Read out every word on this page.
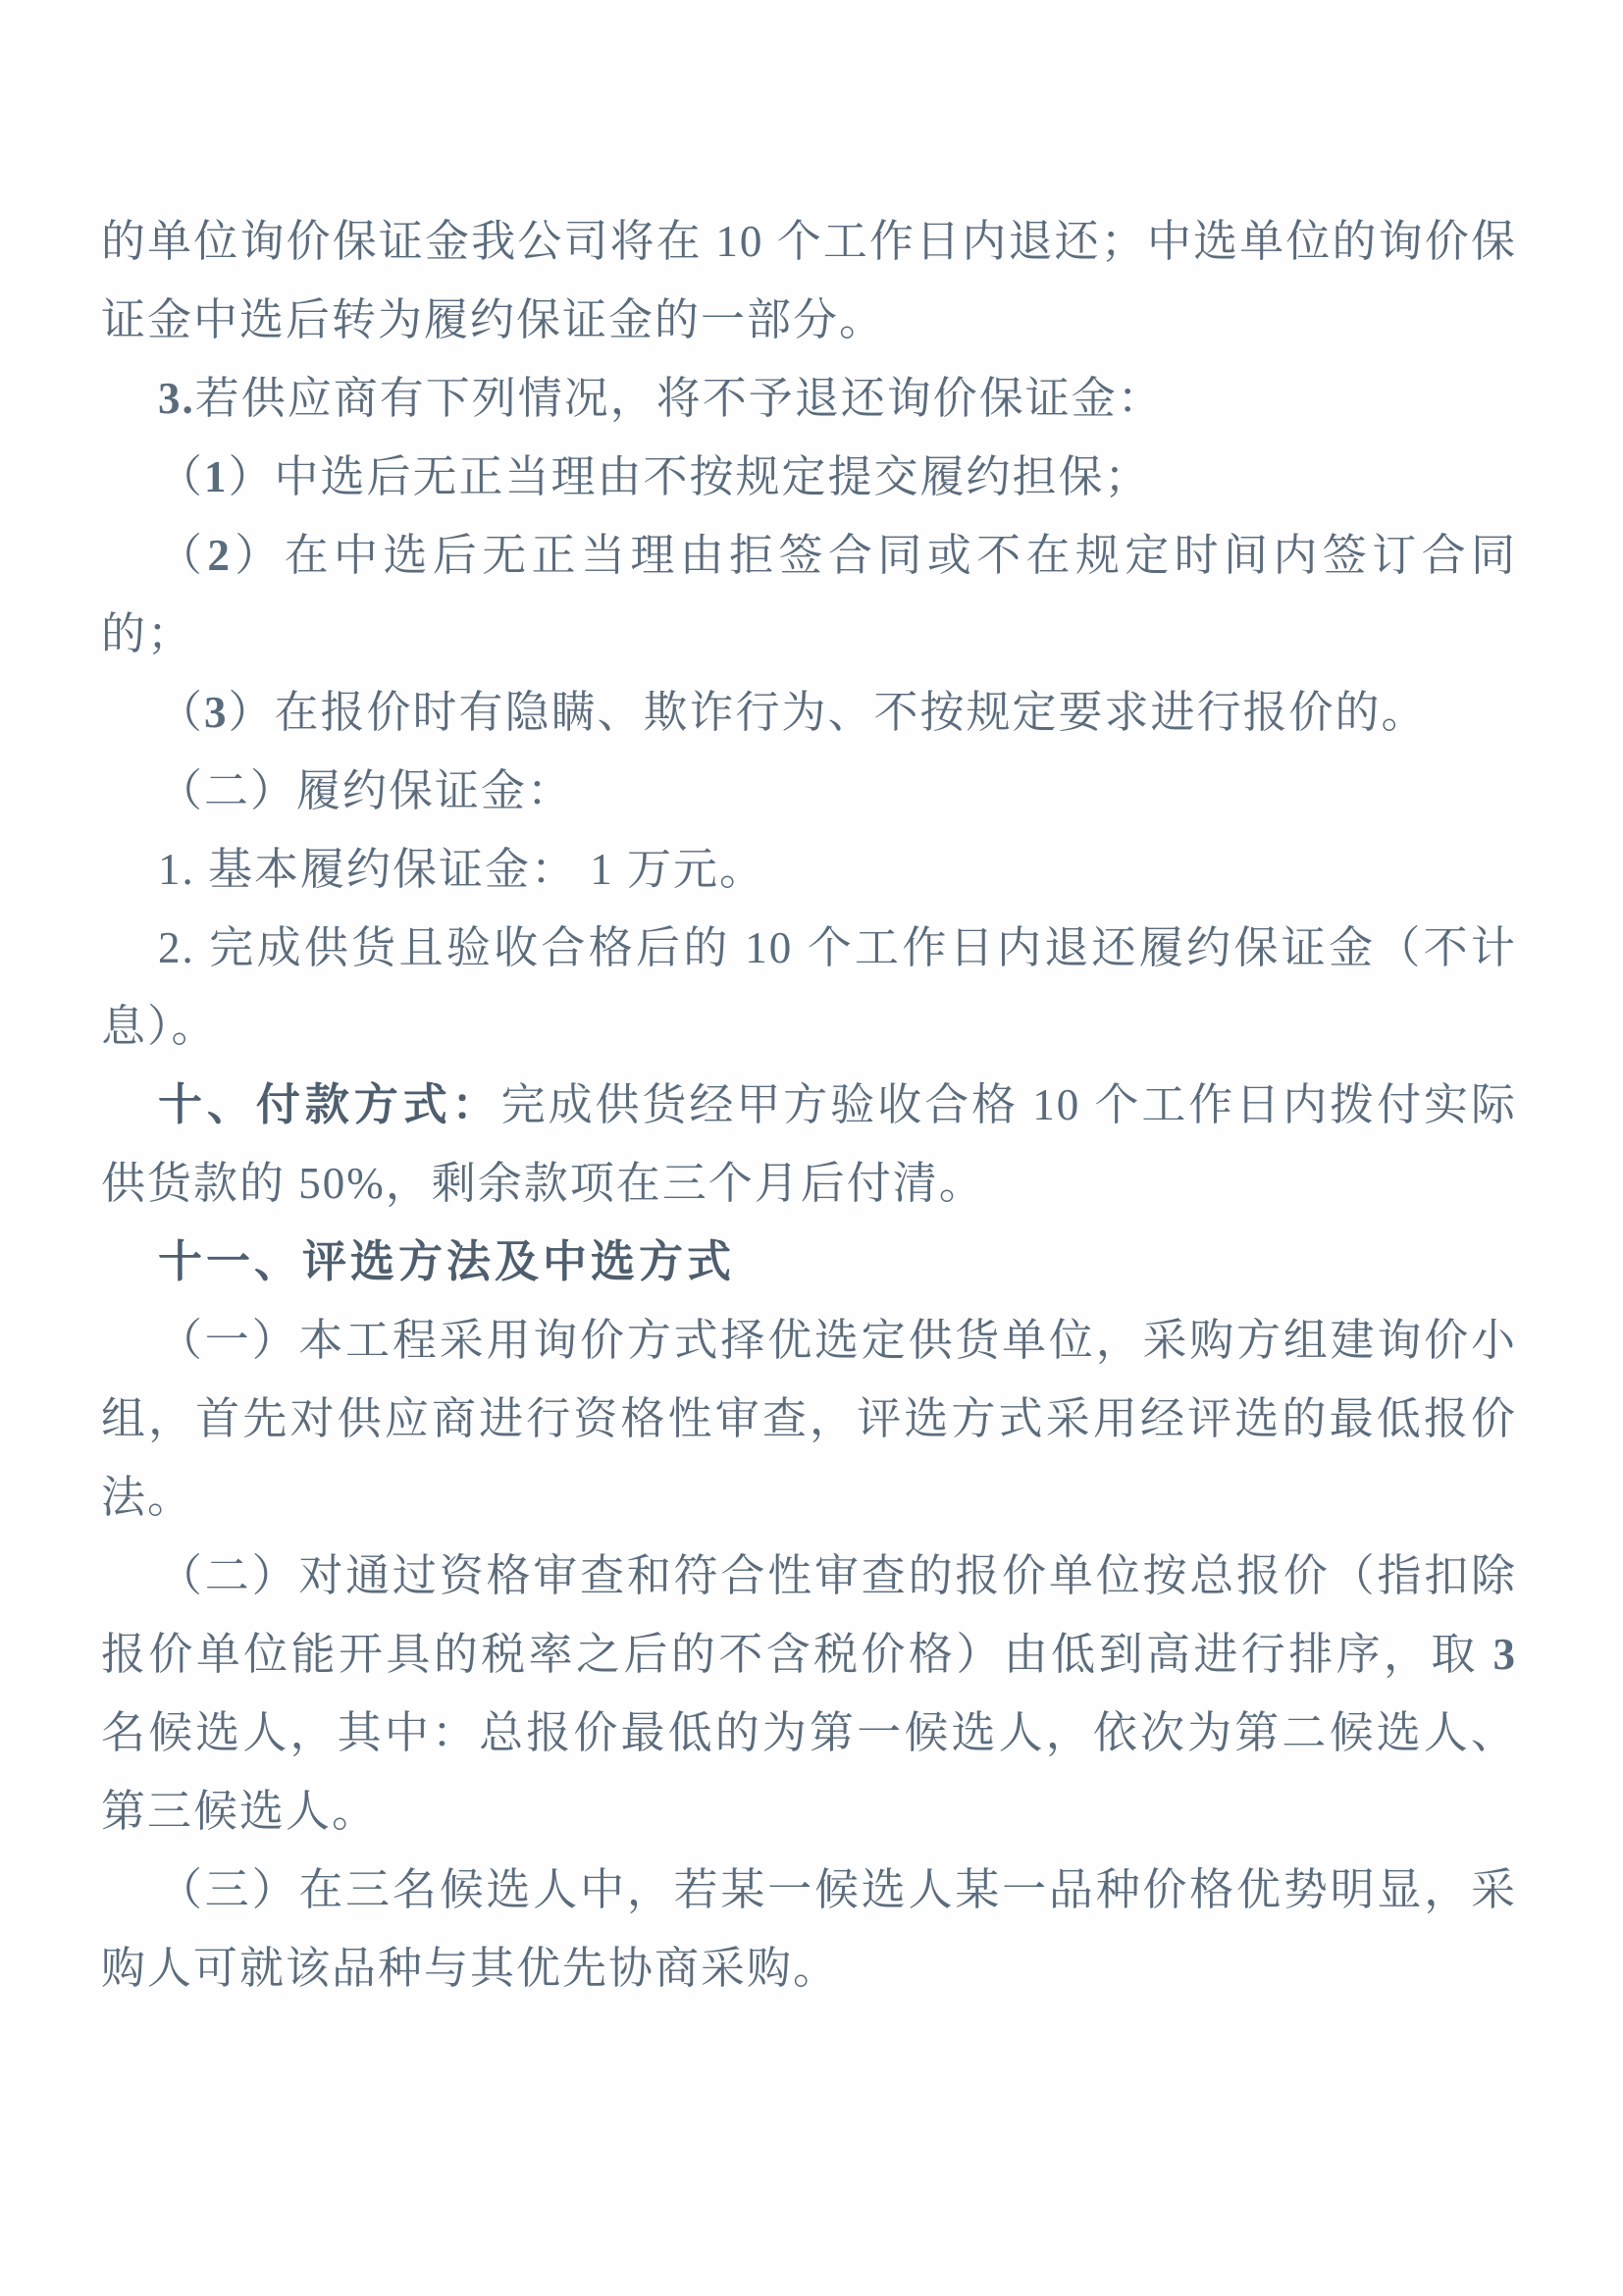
的单位询价保证金我公司将在 10 个工作日内退还；中选单位的询价保证金中选后转为履约保证金的一部分。

3.若供应商有下列情况，将不予退还询价保证金：

（1）中选后无正当理由不按规定提交履约担保；

（2）在中选后无正当理由拒签合同或不在规定时间内签订合同的；

（3）在报价时有隐瞒、欺诈行为、不按规定要求进行报价的。

（二）履约保证金：

1. 基本履约保证金： 1 万元。

2. 完成供货且验收合格后的 10 个工作日内退还履约保证金（不计息）。

十、付款方式：完成供货经甲方验收合格 10 个工作日内拨付实际供货款的 50%，剩余款项在三个月后付清。

十一、评选方法及中选方式

（一）本工程采用询价方式择优选定供货单位，采购方组建询价小组，首先对供应商进行资格性审查，评选方式采用经评选的最低报价法。

（二）对通过资格审查和符合性审查的报价单位按总报价（指扣除报价单位能开具的税率之后的不含税价格）由低到高进行排序，取 3 名候选人，其中：总报价最低的为第一候选人，依次为第二候选人、第三候选人。

（三）在三名候选人中，若某一候选人某一品种价格优势明显，采购人可就该品种与其优先协商采购。
